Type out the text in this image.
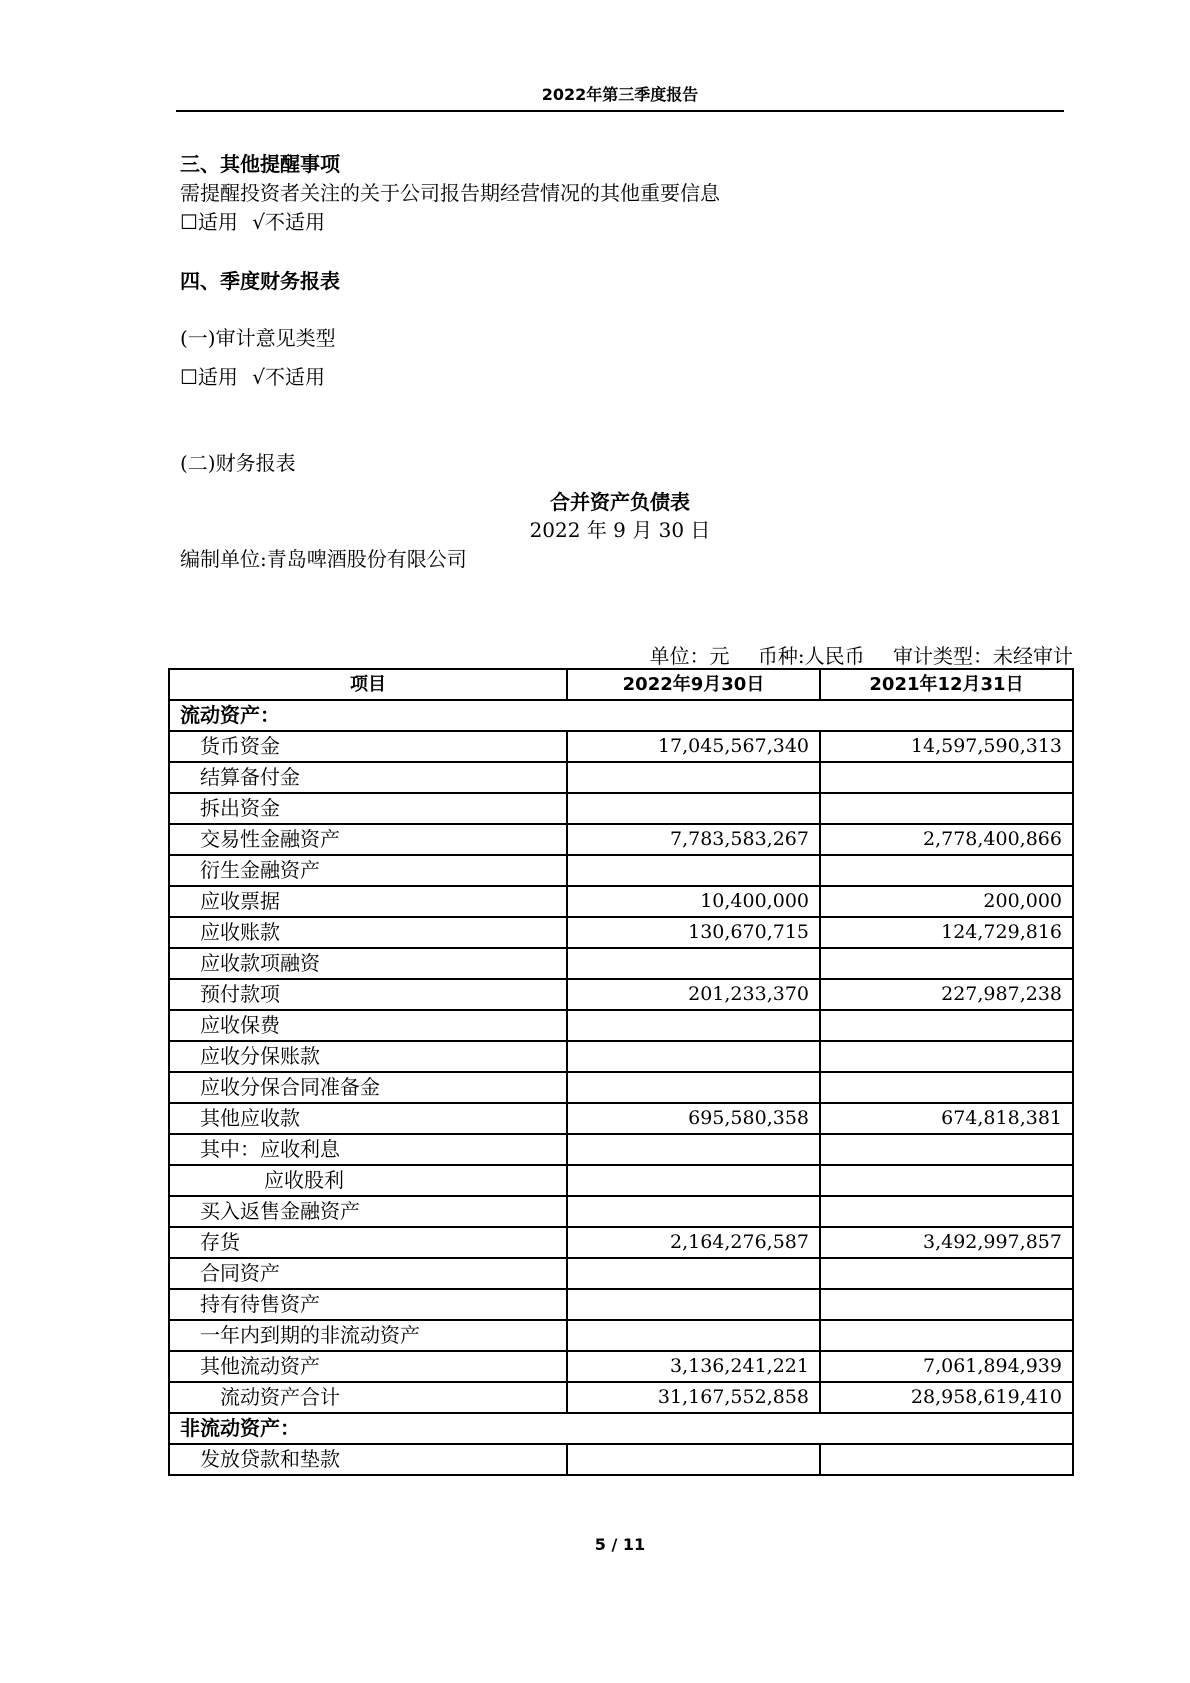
2022年第三季度报告
三、其他提醒事项
需提醒投资者关注的关于公司报告期经营情况的其他重要信息
☐适用 √不适用
四、季度财务报表
(一)审计意见类型
☐适用 √不适用
(二)财务报表
合并资产负债表
2022 年 9 月 30 日
编制单位:青岛啤酒股份有限公司
单位：元 币种:人民币 审计类型：未经审计
项目	2022年9月30日	2021年12月31日
流动资产：		
货币资金	17,045,567,340	14,597,590,313
结算备付金		
拆出资金		
交易性金融资产	7,783,583,267	2,778,400,866
衍生金融资产		
应收票据	10,400,000	200,000
应收账款	130,670,715	124,729,816
应收款项融资		
预付款项	201,233,370	227,987,238
应收保费		
应收分保账款		
应收分保合同准备金		
其他应收款	695,580,358	674,818,381
其中：应收利息		
应收股利		
买入返售金融资产		
存货	2,164,276,587	3,492,997,857
合同资产		
持有待售资产		
一年内到期的非流动资产		
其他流动资产	3,136,241,221	7,061,894,939
流动资产合计	31,167,552,858	28,958,619,410
非流动资产：		
发放贷款和垫款		
5 / 11
